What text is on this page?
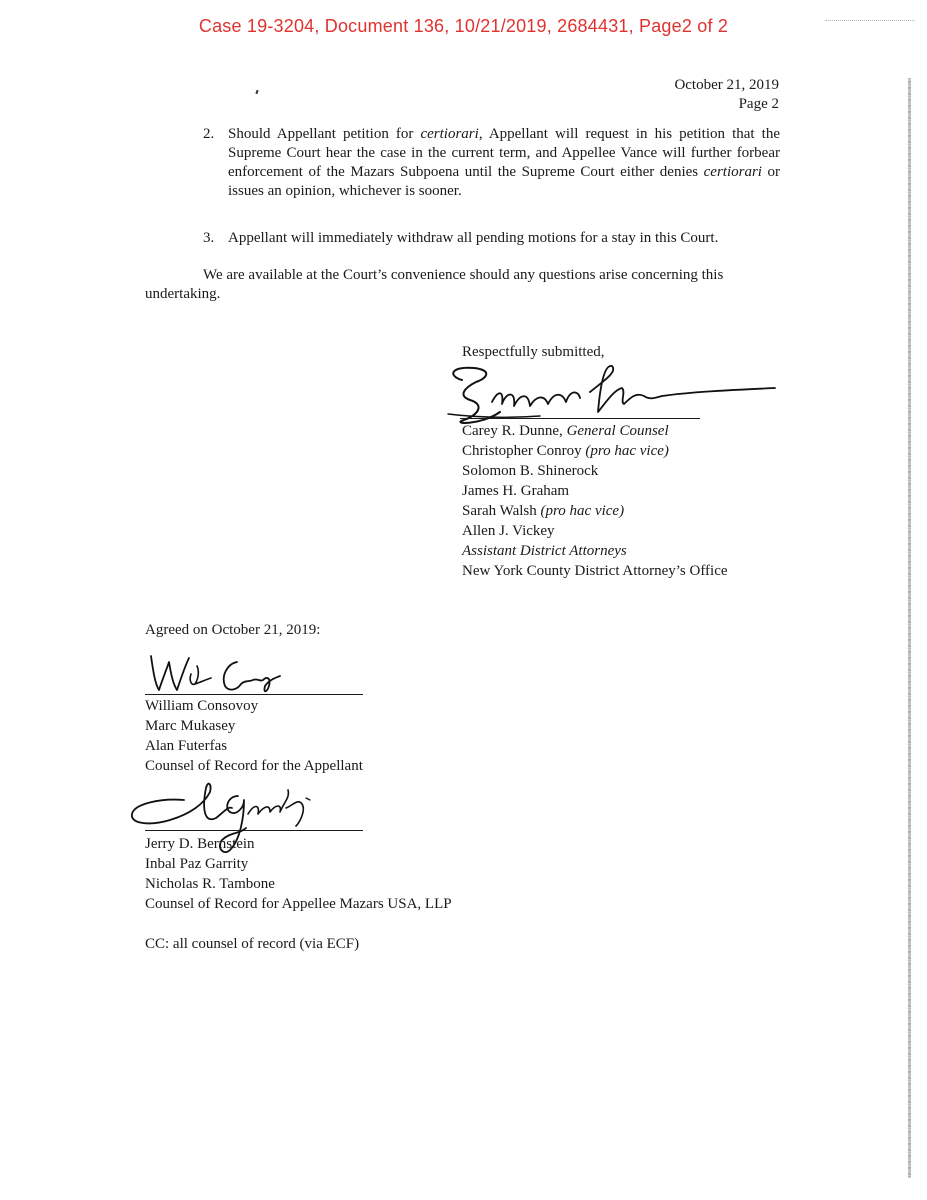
Case 19-3204, Document 136, 10/21/2019, 2684431, Page2 of 2
October 21, 2019
Page 2
2. Should Appellant petition for certiorari, Appellant will request in his petition that the Supreme Court hear the case in the current term, and Appellee Vance will further forbear enforcement of the Mazars Subpoena until the Supreme Court either denies certiorari or issues an opinion, whichever is sooner.
3. Appellant will immediately withdraw all pending motions for a stay in this Court.
We are available at the Court’s convenience should any questions arise concerning this undertaking.
Respectfully submitted,
Carey R. Dunne, General Counsel
Christopher Conroy (pro hac vice)
Solomon B. Shinerock
James H. Graham
Sarah Walsh (pro hac vice)
Allen J. Vickey
Assistant District Attorneys
New York County District Attorney’s Office
Agreed on October 21, 2019:
William Consovoy
Marc Mukasey
Alan Futerfas
Counsel of Record for the Appellant
Jerry D. Bernstein
Inbal Paz Garrity
Nicholas R. Tambone
Counsel of Record for Appellee Mazars USA, LLP
CC: all counsel of record (via ECF)
